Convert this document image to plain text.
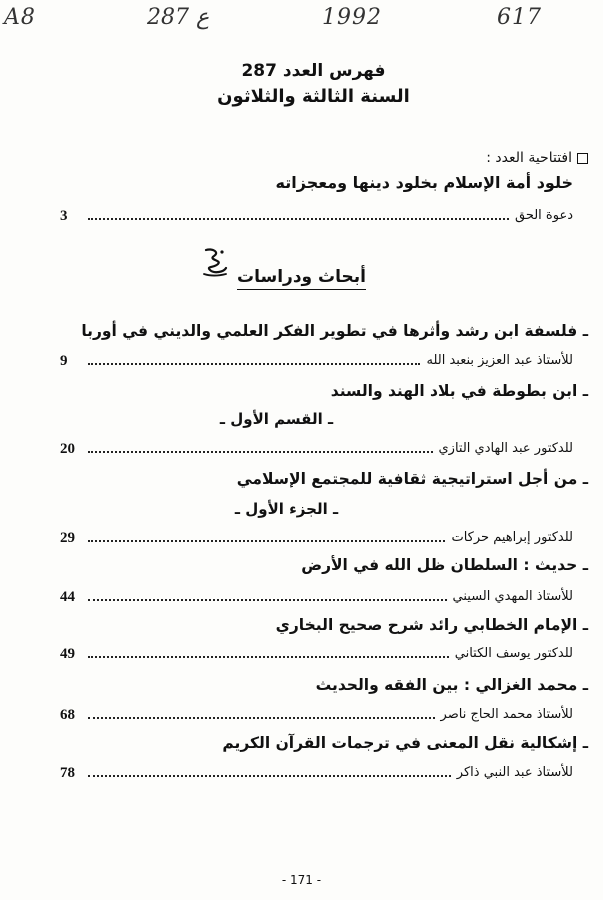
A8	287 ع	1992	617
فهرس العدد 287
السنة الثالثة والثلاثون
افتتاحية العدد :
خلود أمة الإسلام بخلود دينها ومعجزاته
دعوة الحق
3
أبحاث ودراسات
ـ فلسفة ابن رشد وأثرها في تطوير الفكر العلمي والديني في أوربا
للأستاذ عبد العزيز بنعبد الله
9
ـ ابن بطوطة في بلاد الهند والسند
ـ القسم الأول ـ
للدكتور عبد الهادي التازي
20
ـ من أجل استراتيجية ثقافية للمجتمع الإسلامي
ـ الجزء الأول ـ
للدكتور إبراهيم حركات
29
ـ حديث : السلطان ظل الله في الأرض
للأستاذ المهدي السيني
44
ـ الإمام الخطابي رائد شرح صحيح البخاري
للدكتور يوسف الكتاني
49
ـ محمد الغزالي : بين الفقه والحديث
للأستاذ محمد الحاج ناصر
68
ـ إشكالية نقل المعنى في ترجمات القرآن الكريم
للأستاذ عبد النبي ذاكر
78
- 171 -
